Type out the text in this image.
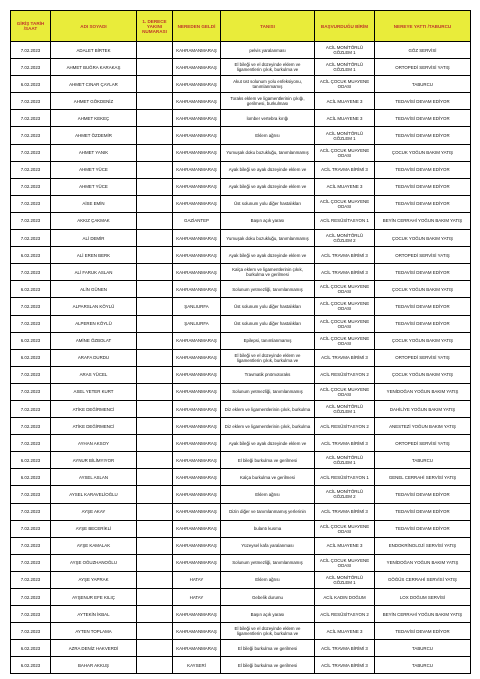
GİRİŞ TARİH /SAAT	ADI SOYADI	1. DERECE YAKINI NUMARASI	NEREDEN GELDİ	TANISI	BAŞVURDUĞU BİRİM	NEREYE YATTI /TABURCU
7.02.2023	ADALET BİRTEK		KAHRAMANMARAŞ	pelvis yaralanması	ACİL MONİTÖRLÜ GÖZLEM 1	GÖZ SERVİSİ
7.02.2023	AHMET BUĞRA KARAKAŞ		KAHRAMANMARAŞ	El bileği ve el düzeyinde eklem ve ligamentlerin çıkık, burkulma ve	ACİL MONİTÖRLÜ GÖZLEM 1	ORTOPEDİ SERVİSİ YATIŞ
6.02.2023	AHMET CINAR ÇAYLAR		KAHRAMANMARAŞ	Akut üst solunum yolu enfeksiyonu, tanımlanmamış	ACİL ÇOCUK MUAYENE ODASI	TABURCU
7.02.2023	AHMET GÖKDENİZ		KAHRAMANMARAŞ	Toraks eklem ve ligamentlerinin çıkığı, gerilmesi, burkulması	ACİL MUAYENE 3	TEDAVİSİ DEVAM EDİYOR
7.02.2023	AHMET KEKEÇ		KAHRAMANMARAŞ	lomber vertebra kırığı	ACİL MUAYENE 3	TEDAVİSİ DEVAM EDİYOR
7.02.2023	AHMET ÖZDEMİR		KAHRAMANMARAŞ	Eklem ağrısı	ACİL MONİTÖRLÜ GÖZLEM 1	TEDAVİSİ DEVAM EDİYOR
7.02.2023	AHMET YANIK		KAHRAMANMARAŞ	Yumuşak doku bozukluğu, tanımlanmamış	ACİL ÇOCUK MUAYENE ODASI	ÇOCUK YOĞUN BAKIM YATIŞ
7.02.2023	AHMET YÜCE		KAHRAMANMARAŞ	Ayak bileği ve ayak düzeyinde eklem ve	ACİL TRAVMA BİRİMİ 3	TEDAVİSİ DEVAM EDİYOR
7.02.2023	AHMET YÜCE		KAHRAMANMARAŞ	Ayak bileği ve ayak düzeyinde eklem ve	ACİL MUAYENE 3	TEDAVİSİ DEVAM EDİYOR
7.02.2023	AİSE EMİN		KAHRAMANMARAŞ	Üst solunum yolu diğer hastalıkları	ACİL ÇOCUK MUAYENE ODASI	TEDAVİSİ DEVAM EDİYOR
7.02.2023	AKKIZ ÇAKMAK		GAZİANTEP	Başın açık yarası	ACİL RESÜSİTASYON 1	BEYİN CERRAHİ YOĞUN BAKIM YATIŞ
7.02.2023	ALİ DEMİR		KAHRAMANMARAŞ	Yumuşak doku bozukluğu, tanımlanmamış	ACİL MONİTÖRLÜ GÖZLEM 2	ÇOCUK YOĞUN BAKIM YATIŞ
6.02.2023	ALİ EREN BERK		KAHRAMANMARAŞ	Ayak bileği ve ayak düzeyinde eklem ve	ACİL TRAVMA BİRİMİ 3	ORTOPEDİ SERVİSİ YATIŞ
7.02.2023	ALİ FARUK ASLAN		KAHRAMANMARAŞ	Kalça eklem ve ligamentlerinin çıkık, burkulma ve gerilmesi	ACİL TRAVMA BİRİMİ 3	TEDAVİSİ DEVAM EDİYOR
6.02.2023	ALİN GÜNEN		KAHRAMANMARAŞ	Solunum yetmezliği, tanımlanmamış	ACİL ÇOCUK MUAYENE ODASI	ÇOCUK YOĞUN BAKIM YATIŞ
7.02.2023	ALPARSLAN KÖYLÜ		ŞANLIURFA	Üst solunum yolu diğer hastalıkları	ACİL ÇOCUK MUAYENE ODASI	TEDAVİSİ DEVAM EDİYOR
7.02.2023	ALPEREN KÖYLÜ		ŞANLIURFA	Üst solunum yolu diğer hastalıkları	ACİL ÇOCUK MUAYENE ODASI	TEDAVİSİ DEVAM EDİYOR
6.02.2023	AMİNE ÖZBOLAT		KAHRAMANMARAŞ	Epilepsi, tanımlanmamış	ACİL ÇOCUK MUAYENE ODASI	ÇOCUK YOĞUN BAKIM YATIŞ
6.02.2023	ARAFA DURDU		KAHRAMANMARAŞ	El bileği ve el düzeyinde eklem ve ligamentlerin çıkık, burkulma ve	ACİL TRAVMA BİRİMİ 3	ORTOPEDİ SERVİSİ YATIŞ
7.02.2023	ARAS YÜCEL		KAHRAMANMARAŞ	Travmatik pnömotoraks	ACİL RESÜSİTASYON 2	ÇOCUK YOĞUN BAKIM YATIŞ
7.02.2023	ASEL YETER KURT		KAHRAMANMARAŞ	Solunum yetmezliği, tanımlanmamış	ACİL ÇOCUK MUAYENE ODASI	YENİDOĞAN YOĞUN BAKIM YATIŞ
7.02.2023	ATİKE DEĞİRMENCİ		KAHRAMANMARAŞ	Diz eklem ve ligamentlerinin çıkık, burkulma	ACİL MONİTÖRLÜ GÖZLEM 1	DAHİLİYE YOĞUN BAKIM YATIŞ
7.02.2023	ATİKE DEĞİRMENCİ		KAHRAMANMARAŞ	Diz eklem ve ligamentlerinin çıkık, burkulma	ACİL RESÜSİTASYON 2	ANESTEZİ YOĞUN BAKIM YATIŞ
7.02.2023	AYHAN AKSOY		KAHRAMANMARAŞ	Ayak bileği ve ayak düzeyinde eklem ve	ACİL TRAVMA BİRİMİ 3	ORTOPEDİ SERVİSİ YATIŞ
6.02.2023	AYNUR BİLİMYIYOR		KAHRAMANMARAŞ	El bileği burkulma ve gerilmesi	ACİL MONİTÖRLÜ GÖZLEM 1	TABURCU
6.02.2023	AYSEL ASLAN		KAHRAMANMARAŞ	Kalça burkulma ve gerilmesi	ACİL RESÜSİTASYON 1	GENEL CERRAHİ SERVİSİ YATIŞ
7.02.2023	AYSEL KARAVELİOĞLU		KAHRAMANMARAŞ	Eklem ağrısı	ACİL MONİTÖRLÜ GÖZLEM 2	TEDAVİSİ DEVAM EDİYOR
7.02.2023	AYŞE AKAY		KAHRAMANMARAŞ	Dizin diğer ve tanımlanmamış yerlerinin	ACİL TRAVMA BİRİMİ 3	TEDAVİSİ DEVAM EDİYOR
7.02.2023	AYŞE BECERİKLİ		KAHRAMANMARAŞ	bulantı kusma	ACİL ÇOCUK MUAYENE ODASI	TEDAVİSİ DEVAM EDİYOR
7.02.2023	AYŞE KAMALAK		KAHRAMANMARAŞ	Yüzeysel kafa yaralanması	ACİL MUAYENE 3	ENDOKRİNOLOJİ SERVİSİ YATIŞ
7.02.2023	AYŞE OĞUZHANOĞLU		KAHRAMANMARAŞ	Solunum yetmezliği, tanımlanmamış	ACİL ÇOCUK MUAYENE ODASI	YENİDOĞAN YOĞUN BAKIM YATIŞ
7.02.2023	AYŞE YAPRAK		HATAY	Eklem ağrısı	ACİL MONİTÖRLÜ GÖZLEM 1	GÖĞÜS CERRAHİ SERVİSİ YATIŞ
7.02.2023	AYŞENUR EFE KILIÇ		HATAY	Gebelik durumu	ACİL KADIN DOĞUM	LOX DOĞUM SERVİSİ
7.02.2023	AYTEKİN İKBAL		KAHRAMANMARAŞ	Başın açık yarası	ACİL RESÜSİTASYON 2	BEYİN CERRAHİ YOĞUN BAKIM YATIŞ
7.02.2023	AYTEN TOPLAMA		KAHRAMANMARAŞ	El bileği ve el düzeyinde eklem ve ligamentlerin çıkık, burkulma ve	ACİL MUAYENE 3	TEDAVİSİ DEVAM EDİYOR
6.02.2023	AZRA DENİZ HAKVERDİ		KAHRAMANMARAŞ	El bileği burkulma ve gerilmesi	ACİL TRAVMA BİRİMİ 3	TABURCU
6.02.2023	BAHAR AKKUŞ		KAYSERİ	El bileği burkulma ve gerilmesi	ACİL TRAVMA BİRİMİ 3	TABURCU
